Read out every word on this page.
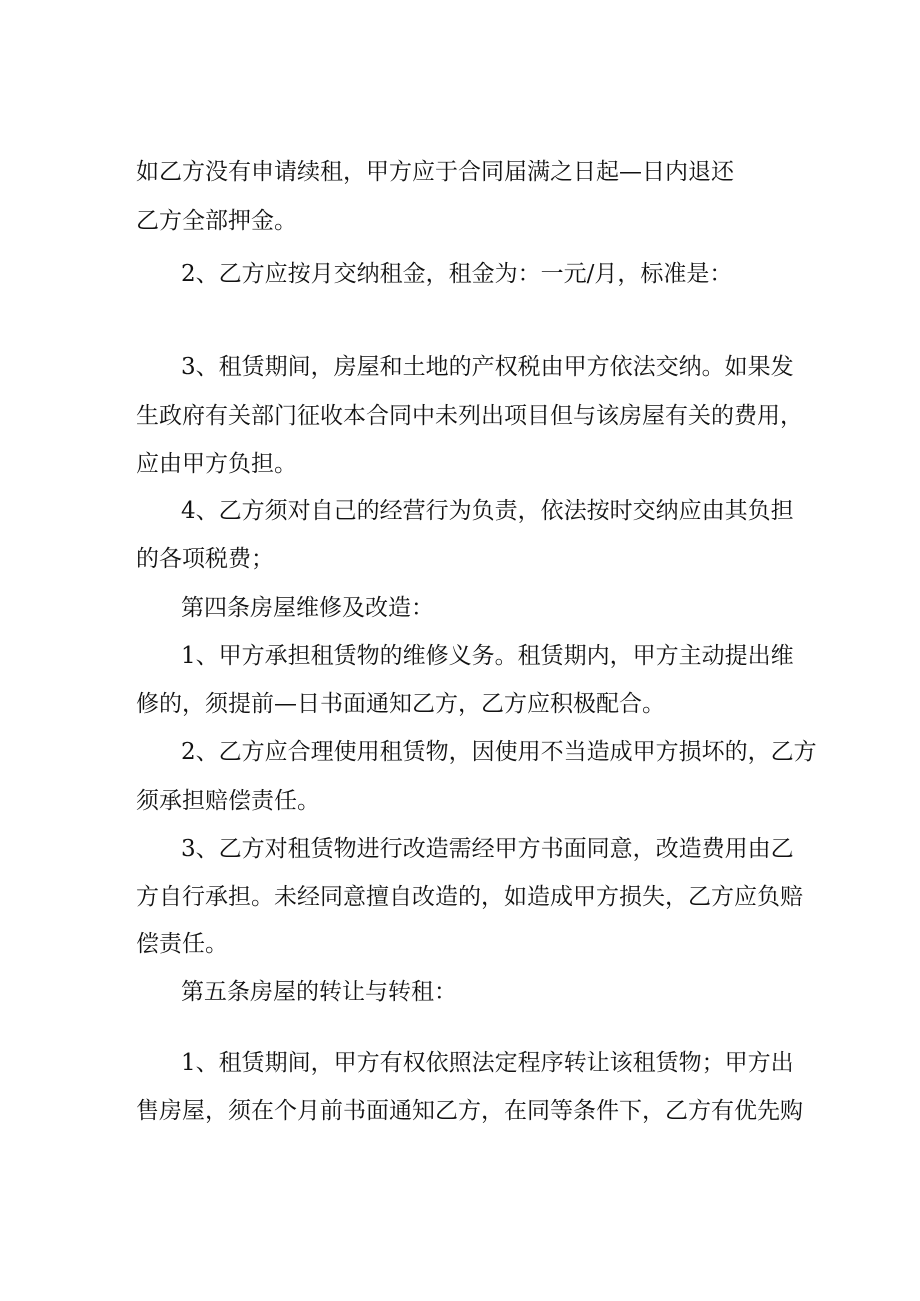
如乙方没有申请续租，甲方应于合同届满之日起—日内退还
乙方全部押金。
2、乙方应按月交纳租金，租金为：一元/月，标准是：
3、租赁期间，房屋和土地的产权税由甲方依法交纳。如果发
生政府有关部门征收本合同中未列出项目但与该房屋有关的费用，
应由甲方负担。
4、乙方须对自己的经营行为负责，依法按时交纳应由其负担
的各项税费；
第四条房屋维修及改造：
1、甲方承担租赁物的维修义务。租赁期内，甲方主动提出维
修的，须提前—日书面通知乙方，乙方应积极配合。
2、乙方应合理使用租赁物，因使用不当造成甲方损坏的，乙方
须承担赔偿责任。
3、乙方对租赁物进行改造需经甲方书面同意，改造费用由乙
方自行承担。未经同意擅自改造的，如造成甲方损失，乙方应负赔
偿责任。
第五条房屋的转让与转租：
1、租赁期间，甲方有权依照法定程序转让该租赁物；甲方出
售房屋，须在个月前书面通知乙方，在同等条件下，乙方有优先购
